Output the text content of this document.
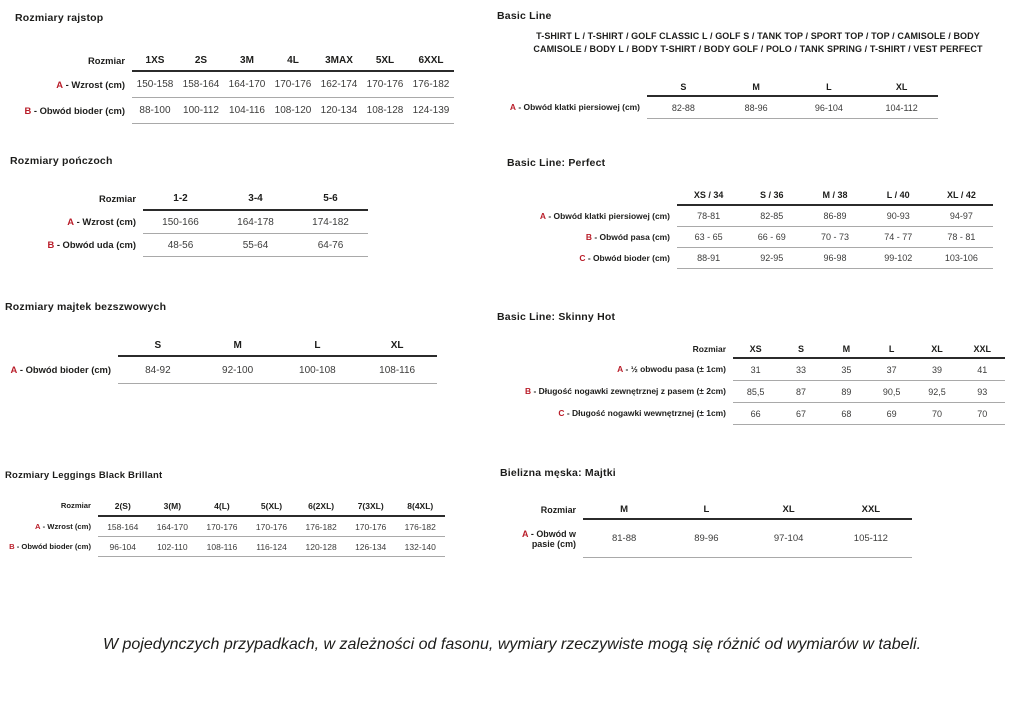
Rozmiary rajstop
Rozmiar	1XS	2S	3M	4L	3MAX	5XL	6XXL
A - Wzrost (cm)	150-158 158-164 164-170 170-176 162-174 170-176 176-182
B - Obwód bioder (cm)	88-100	100-112	104-116 108-120 120-134 108-128 124-139
Rozmiary pończoch
Rozmiar	1-2	3-4	5-6
A - Wzrost (cm)	150-166	164-178	174-182
B - Obwód uda (cm)	48-56	55-64	64-76
Rozmiary majtek bezszwowych
S	M	L	XL
A - Obwód bioder (cm)	84-92	92-100	100-108	108-116
Rozmiary Leggings Black Brillant
Rozmiar	2(S)	3(M)	4(L)	5(XL)	6(2XL)	7(3XL)	8(4XL)
A - Wzrost (cm)	158-164	164-170	170-176	170-176	176-182	170-176	176-182
B - Obwód bioder (cm)	96-104	102-110	108-116	116-124	120-128	126-134	132-140
Basic Line
T-SHIRT L / T-SHIRT / GOLF CLASSIC L / GOLF S / TANK TOP / SPORT TOP / TOP / CAMISOLE / BODY
CAMISOLE / BODY L / BODY T-SHIRT / BODY GOLF / POLO / TANK SPRING / T-SHIRT / VEST PERFECT
S	M	L	XL
A - Obwód klatki piersiowej (cm)	82-88	88-96	96-104	104-112
Basic Line: Perfect
XS / 34	S / 36	M / 38	L / 40	XL / 42
A - Obwód klatki piersiowej (cm)	78-81	82-85	86-89	90-93	94-97
B - Obwód pasa (cm)	63 - 65	66 - 69	70 - 73	74 - 77	78 - 81
C - Obwód bioder (cm)	88-91	92-95	96-98	99-102	103-106
Basic Line: Skinny Hot
Rozmiar	XS	S	M	L	XL	XXL
A - ½ obwodu pasa (± 1cm)	31	33	35	37	39	41
B - Długość nogawki zewnętrznej z pasem (± 2cm)	85,5	87	89	90,5	92,5	93
C - Długość nogawki wewnętrznej (± 1cm)	66	67	68	69	70	70
Bielizna męska: Majtki
Rozmiar	M	L	XL	XXL
A - Obwód w pasie (cm)	81-88	89-96	97-104	105-112

W pojedynczych przypadkach, w zależności od fasonu, wymiary rzeczywiste mogą się różnić od wymiarów w tabeli.
